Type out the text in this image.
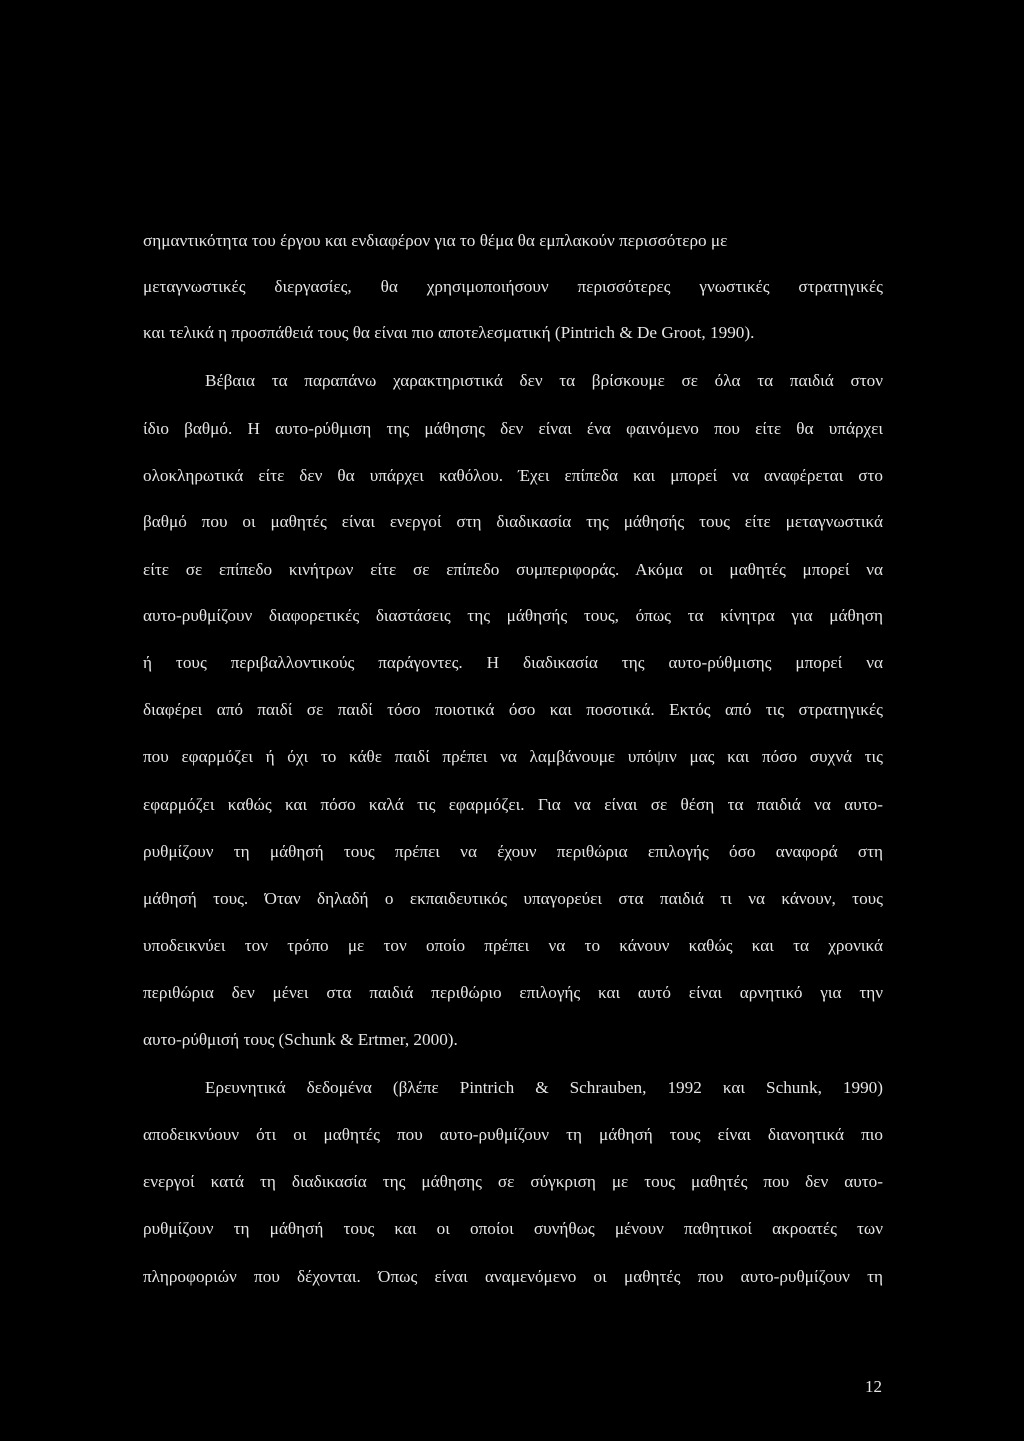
σημαντικότητα του έργου και ενδιαφέρον για το θέμα θα εμπλακούν περισσότερο με
μεταγνωστικές διεργασίες, θα χρησιμοποιήσουν περισσότερες γνωστικές στρατηγικές
και τελικά η προσπάθειά τους θα είναι πιο αποτελεσματική (Pintrich & De Groot, 1990).
Βέβαια τα παραπάνω χαρακτηριστικά δεν τα βρίσκουμε σε όλα τα παιδιά στον
ίδιο βαθμό. Η αυτο-ρύθμιση της μάθησης δεν είναι ένα φαινόμενο που είτε θα υπάρχει
ολοκληρωτικά είτε δεν θα υπάρχει καθόλου. Έχει επίπεδα και μπορεί να αναφέρεται στο
βαθμό που οι μαθητές είναι ενεργοί στη διαδικασία της μάθησής τους είτε μεταγνωστικά
είτε σε επίπεδο κινήτρων είτε σε επίπεδο συμπεριφοράς. Ακόμα οι μαθητές μπορεί να
αυτο-ρυθμίζουν διαφορετικές διαστάσεις της μάθησής τους, όπως τα κίνητρα για μάθηση
ή τους περιβαλλοντικούς παράγοντες. Η διαδικασία της αυτο-ρύθμισης μπορεί να
διαφέρει από παιδί σε παιδί τόσο ποιοτικά όσο και ποσοτικά. Εκτός από τις στρατηγικές
που εφαρμόζει ή όχι το κάθε παιδί πρέπει να λαμβάνουμε υπόψιν μας και πόσο συχνά τις
εφαρμόζει καθώς και πόσο καλά τις εφαρμόζει. Για να είναι σε θέση τα παιδιά να αυτο-
ρυθμίζουν τη μάθησή τους πρέπει να έχουν περιθώρια επιλογής όσο αναφορά στη
μάθησή τους. Όταν δηλαδή ο εκπαιδευτικός υπαγορεύει στα παιδιά τι να κάνουν, τους
υποδεικνύει τον τρόπο με τον οποίο πρέπει να το κάνουν καθώς και τα χρονικά
περιθώρια δεν μένει στα παιδιά περιθώριο επιλογής και αυτό είναι αρνητικό για την
αυτο-ρύθμισή τους (Schunk & Ertmer, 2000).
Ερευνητικά δεδομένα (βλέπε Pintrich & Schrauben, 1992 και Schunk, 1990)
αποδεικνύουν ότι οι μαθητές που αυτο-ρυθμίζουν τη μάθησή τους είναι διανοητικά πιο
ενεργοί κατά τη διαδικασία της μάθησης σε σύγκριση με τους μαθητές που δεν αυτο-
ρυθμίζουν τη μάθησή τους και οι οποίοι συνήθως μένουν παθητικοί ακροατές των
πληροφοριών που δέχονται. Όπως είναι αναμενόμενο οι μαθητές που αυτο-ρυθμίζουν τη
12
